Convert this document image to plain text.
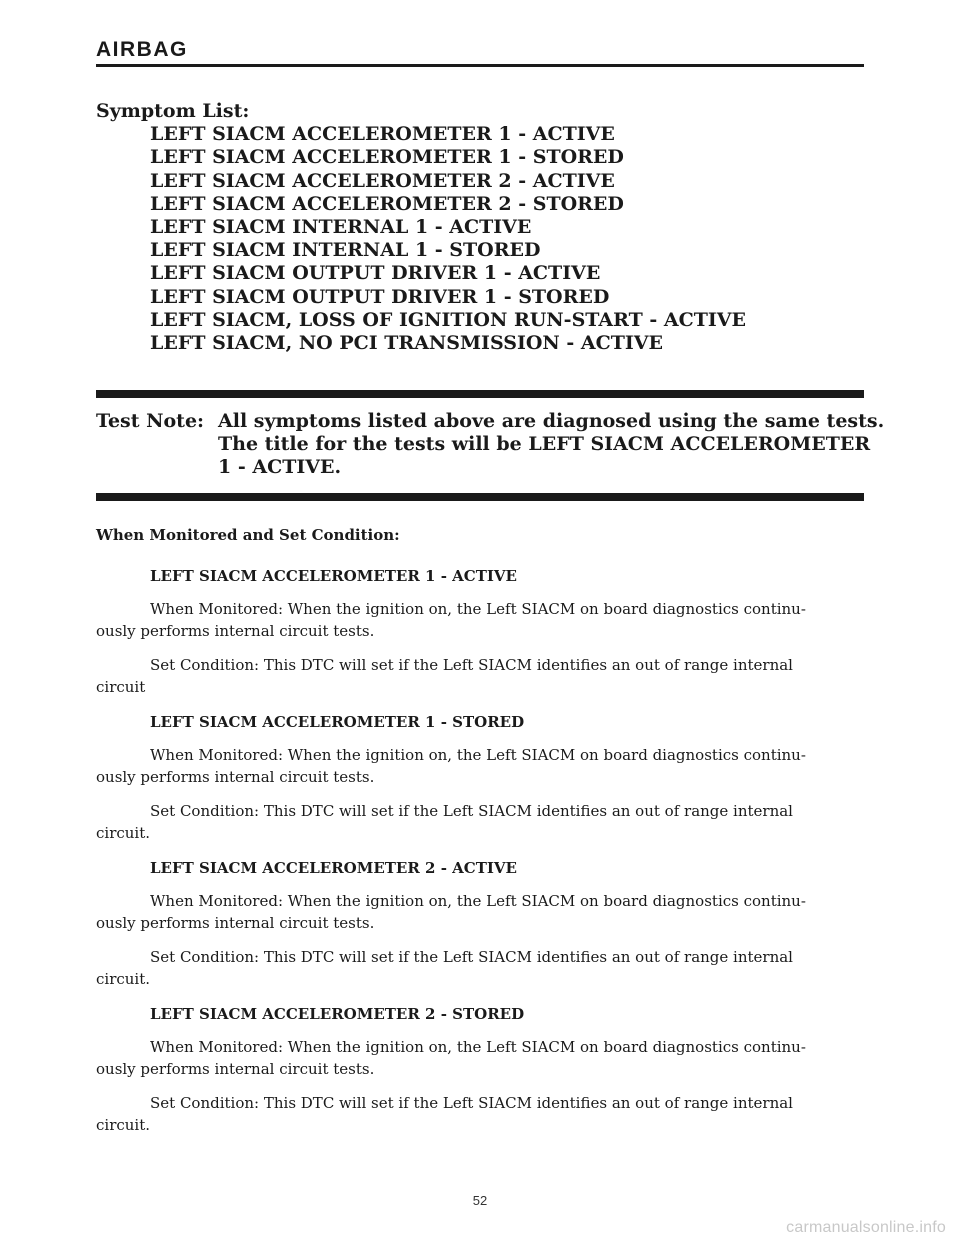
AIRBAG
Symptom List:
LEFT SIACM ACCELEROMETER 1 - ACTIVE
LEFT SIACM ACCELEROMETER 1 - STORED
LEFT SIACM ACCELEROMETER 2 - ACTIVE
LEFT SIACM ACCELEROMETER 2 - STORED
LEFT SIACM INTERNAL 1 - ACTIVE
LEFT SIACM INTERNAL 1 - STORED
LEFT SIACM OUTPUT DRIVER 1 - ACTIVE
LEFT SIACM OUTPUT DRIVER 1 - STORED
LEFT SIACM, LOSS OF IGNITION RUN-START - ACTIVE
LEFT SIACM, NO PCI TRANSMISSION - ACTIVE
Test Note: All symptoms listed above are diagnosed using the same tests.
The title for the tests will be LEFT SIACM ACCELEROMETER
1 - ACTIVE.
When Monitored and Set Condition:
LEFT SIACM ACCELEROMETER 1 - ACTIVE
When Monitored: When the ignition on, the Left SIACM on board diagnostics continu-
ously performs internal circuit tests.
Set Condition: This DTC will set if the Left SIACM identifies an out of range internal
circuit
LEFT SIACM ACCELEROMETER 1 - STORED
When Monitored: When the ignition on, the Left SIACM on board diagnostics continu-
ously performs internal circuit tests.
Set Condition: This DTC will set if the Left SIACM identifies an out of range internal
circuit.
LEFT SIACM ACCELEROMETER 2 - ACTIVE
When Monitored: When the ignition on, the Left SIACM on board diagnostics continu-
ously performs internal circuit tests.
Set Condition: This DTC will set if the Left SIACM identifies an out of range internal
circuit.
LEFT SIACM ACCELEROMETER 2 - STORED
When Monitored: When the ignition on, the Left SIACM on board diagnostics continu-
ously performs internal circuit tests.
Set Condition: This DTC will set if the Left SIACM identifies an out of range internal
circuit.
52
carmanualsonline.info
